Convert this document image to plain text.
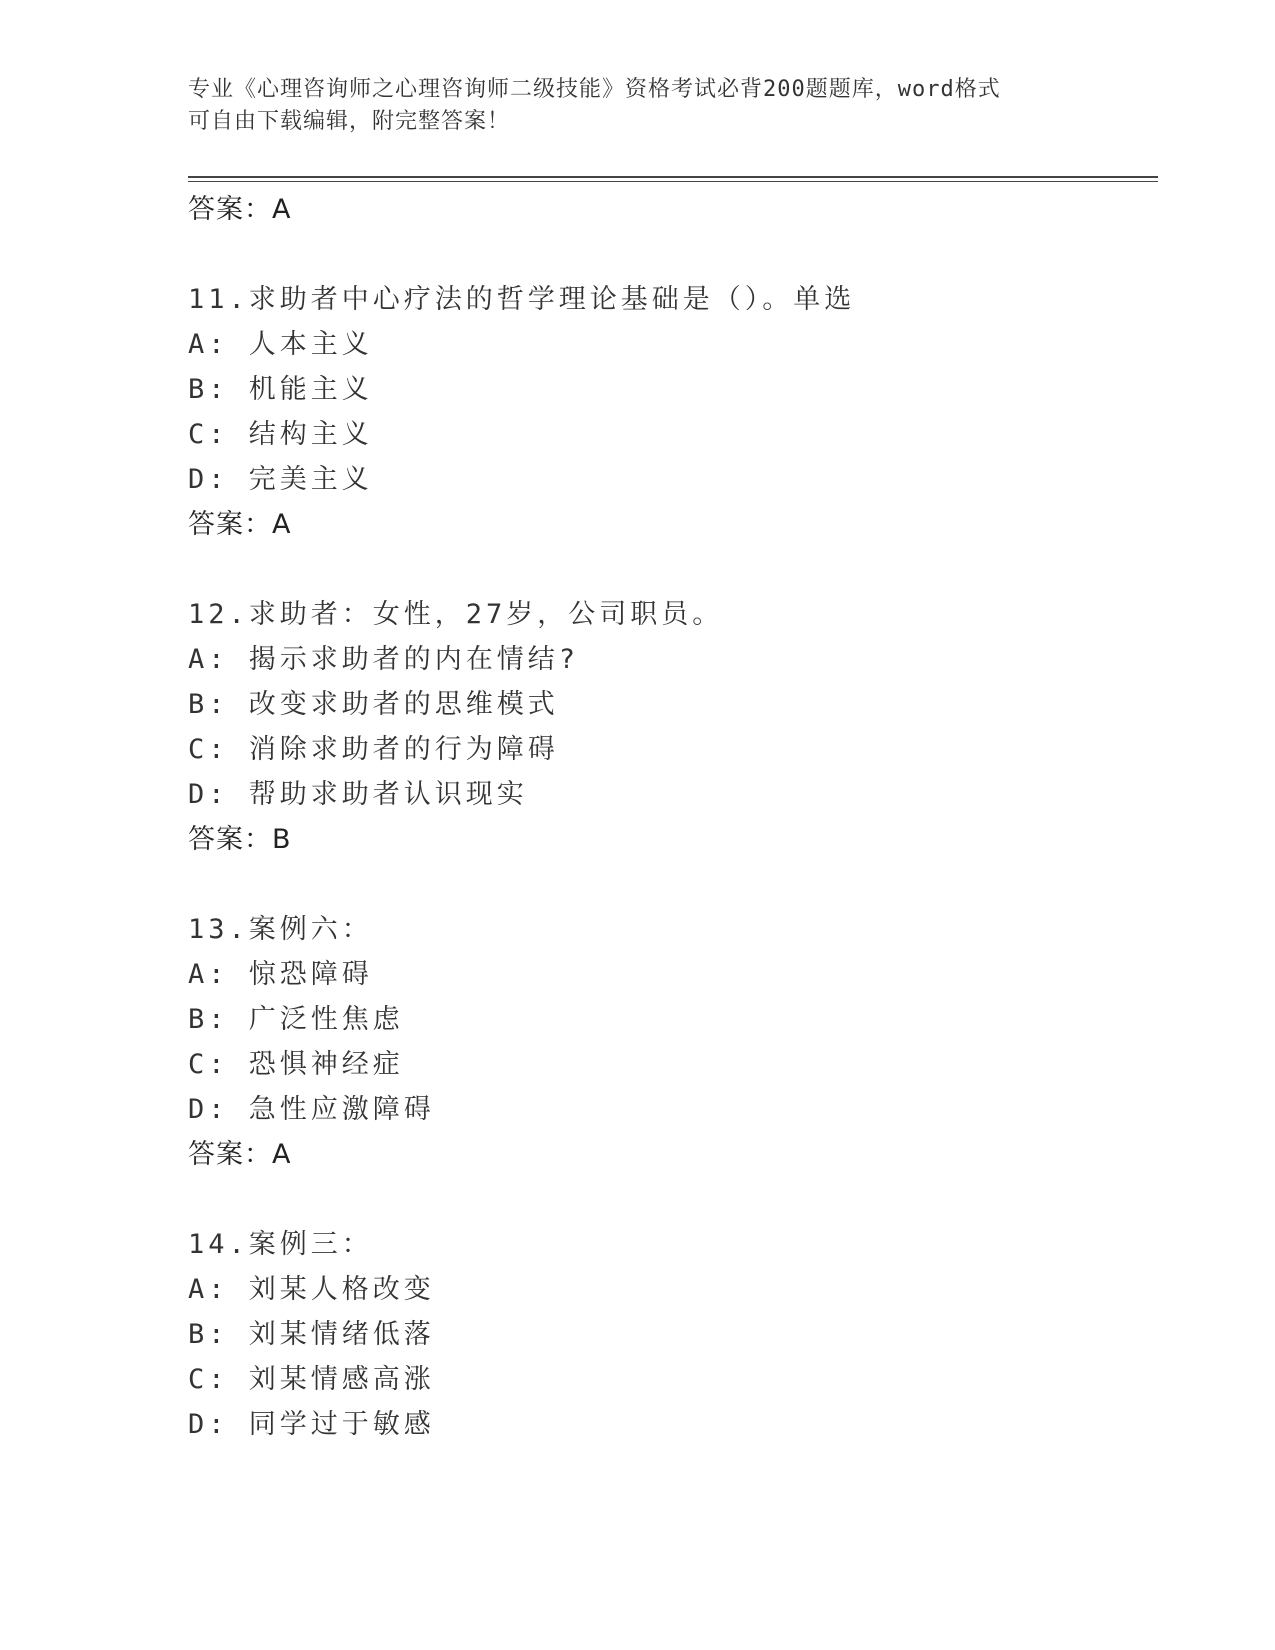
专业《心理咨询师之心理咨询师二级技能》资格考试必背200题题库，word格式
可自由下载编辑，附完整答案！
答案：A
11.求助者中心疗法的哲学理论基础是（）。单选
A: 人本主义
B: 机能主义
C: 结构主义
D: 完美主义
答案：A
12.求助者：女性，27岁，公司职员。
A: 揭示求助者的内在情结?
B: 改变求助者的思维模式
C: 消除求助者的行为障碍
D: 帮助求助者认识现实
答案：B
13.案例六：
A: 惊恐障碍
B: 广泛性焦虑
C: 恐惧神经症
D: 急性应激障碍
答案：A
14.案例三：
A: 刘某人格改变
B: 刘某情绪低落
C: 刘某情感高涨
D: 同学过于敏感
